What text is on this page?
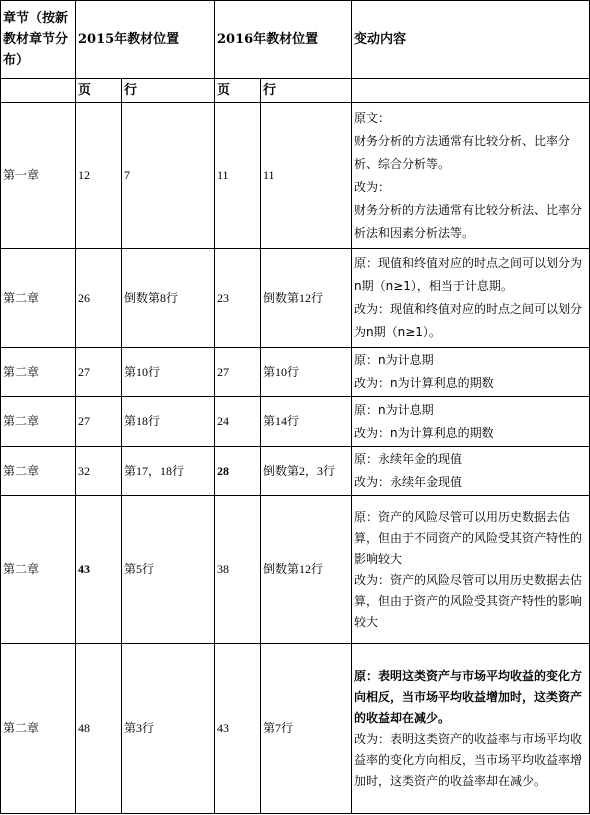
章节（按新教材章节分布）	2015年教材位置		2016年教材位置		变动内容
	页	行	页	行	
第一章	12	7	11	11	原文：
财务分析的方法通常有比较分析、比率分析、综合分析等。
改为：
财务分析的方法通常有比较分析法、比率分析法和因素分析法等。

第二章	26	倒数第8行	23	倒数第12行	原：现值和终值对应的时点之间可以划分为n期（n≥1），相当于计息期。
改为：现值和终值对应的时点之间可以划分为n期（n≥1）。

第二章	27	第10行	27	第10行	原：n为计息期
改为：n为计算利息的期数

第二章	27	第18行	24	第14行	原：n为计息期
改为：n为计算利息的期数

第二章	32	第17，18行	28	倒数第2，3行	原：永续年金的现值
改为：永续年金现值

第二章	43	第5行	38	倒数第12行	原：资产的风险尽管可以用历史数据去估算，但由于不同资产的风险受其资产特性的影响较大
改为：资产的风险尽管可以用历史数据去估算，但由于资产的风险受其资产特性的影响较大

第二章	48	第3行	43	第7行	原：表明这类资产与市场平均收益的变化方向相反，当市场平均收益增加时，这类资产的收益却在减少。
改为：表明这类资产的收益率与市场平均收益率的变化方向相反，当市场平均收益率增加时，这类资产的收益率却在减少。
